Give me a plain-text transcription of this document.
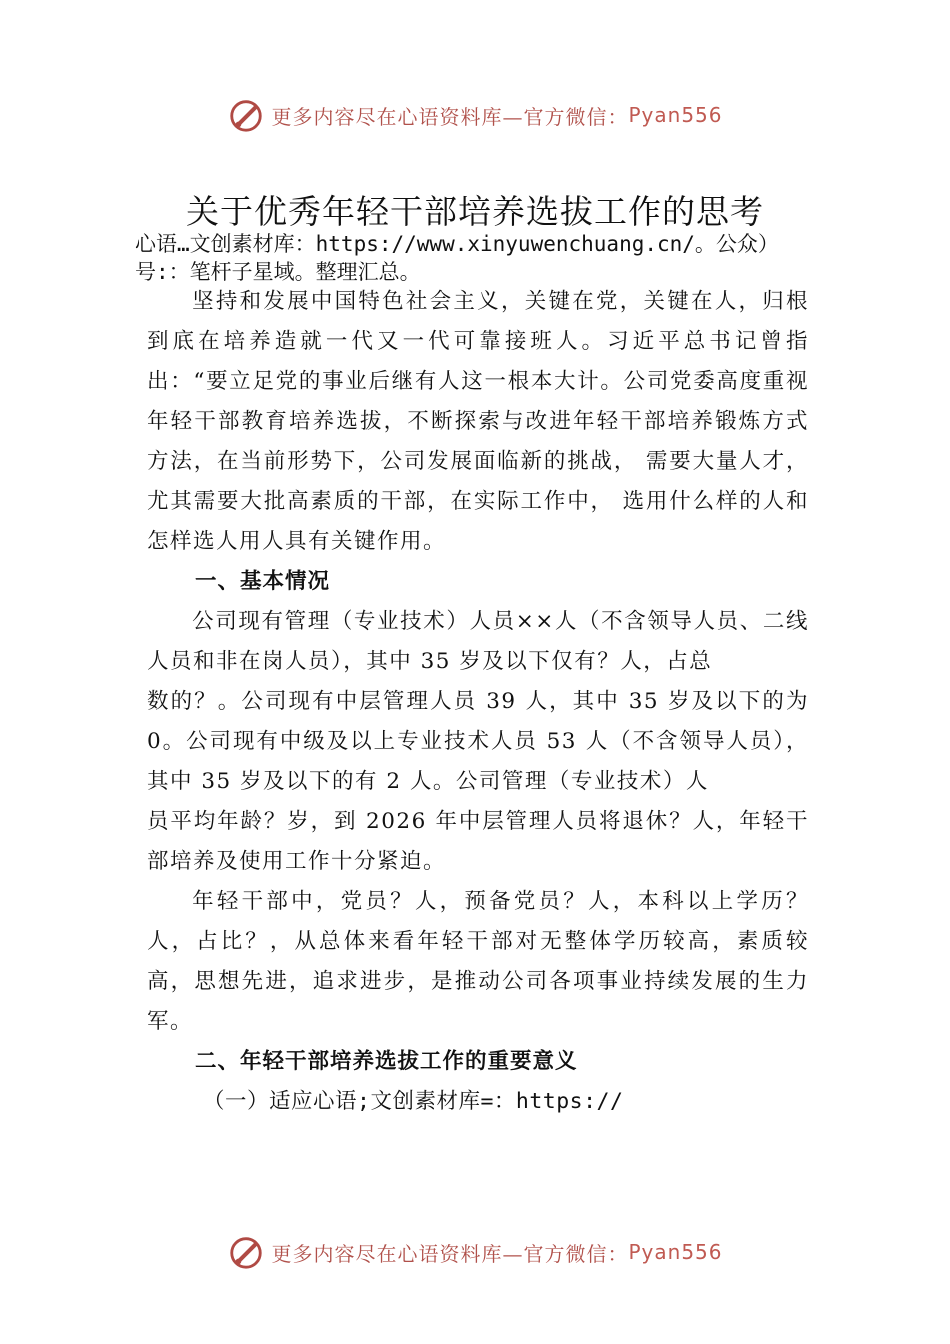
更多内容尽在心语资料库—官方微信： Pyan556
关于优秀年轻干部培养选拔工作的思考
心语…文创素材库：https://www.xinyuwenchuang.cn/。公众）号:：笔杆子星域。整理汇总。

坚持和发展中国特色社会主义，关键在党，关键在人，归根到底在培养造就一代又一代可靠接班人。习近平总书记曾指出：“要立足党的事业后继有人这一根本大计。公司党委高度重视年轻干部教育培养选拔，不断探索与改进年轻干部培养锻炼方式方法，在当前形势下，公司发展面临新的挑战， 需要大量人才，尤其需要大批高素质的干部，在实际工作中， 选用什么样的人和怎样选人用人具有关键作用。

一、基本情况

公司现有管理（专业技术）人员××人（不含领导人员、二线人员和非在岗人员），其中 35 岁及以下仅有？人，占总

数的？。公司现有中层管理人员 39 人，其中 35 岁及以下的为 0。公司现有中级及以上专业技术人员 53 人（不含领导人员），其中 35 岁及以下的有 2 人。公司管理（专业技术）人

员平均年龄？岁，到 2026 年中层管理人员将退休？人，年轻干部培养及使用工作十分紧迫。

年轻干部中，党员？人，预备党员？人，本科以上学历？人，占比？，从总体来看年轻干部对无整体学历较高，素质较高，思想先进，追求进步，是推动公司各项事业持续发展的生力军。

二、年轻干部培养选拔工作的重要意义

（一）适应心语;文创素材库=：https://

更多内容尽在心语资料库—官方微信： Pyan556
